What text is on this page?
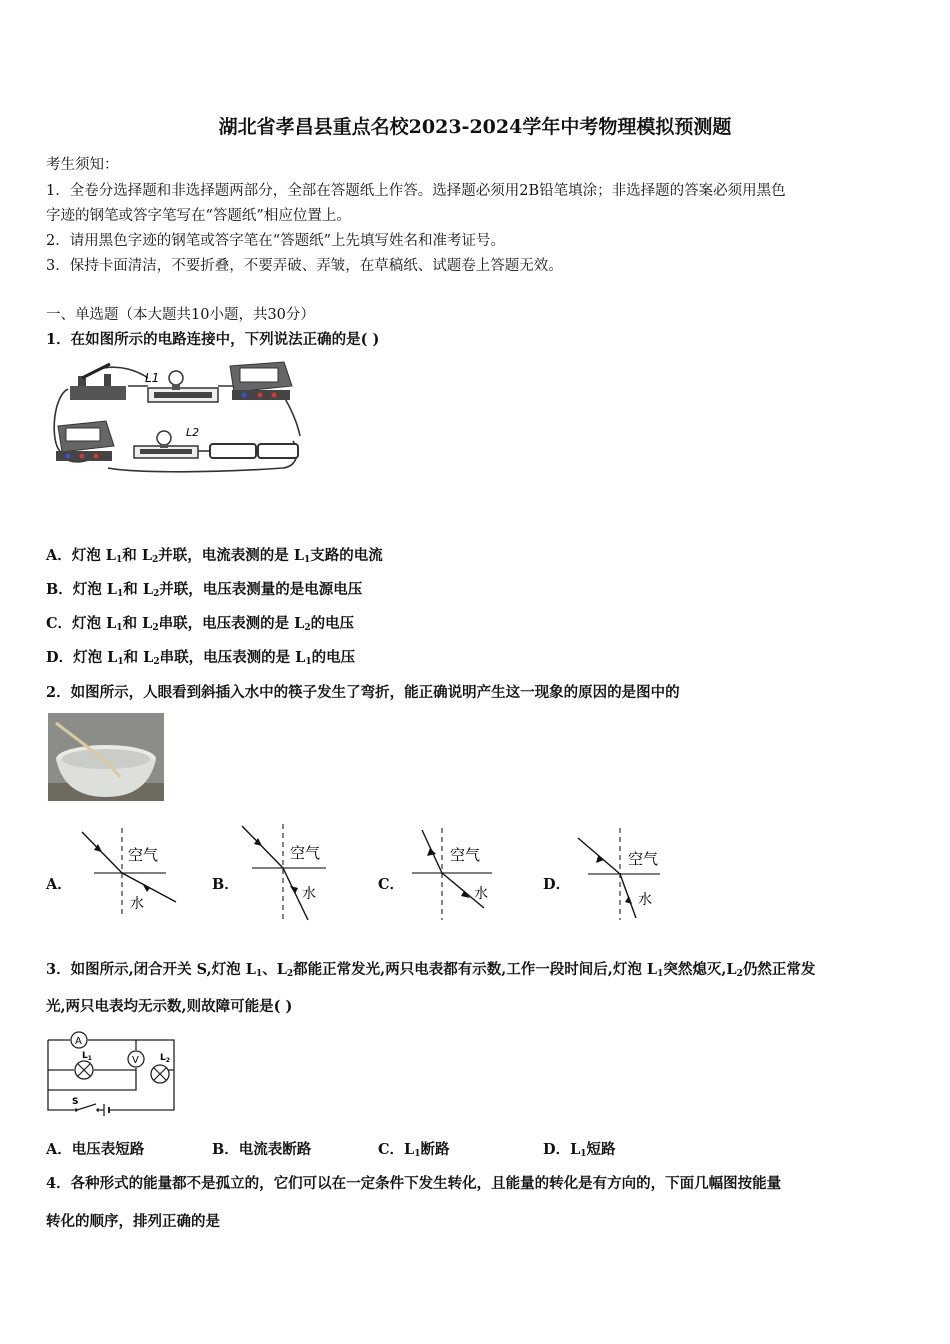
湖北省孝昌县重点名校2023-2024学年中考物理模拟预测题
考生须知：
1．全卷分选择题和非选择题两部分，全部在答题纸上作答。选择题必须用2B铅笔填涂；非选择题的答案必须用黑色
字迹的钢笔或答字笔写在“答题纸”相应位置上。
2．请用黑色字迹的钢笔或答字笔在“答题纸”上先填写姓名和准考证号。
3．保持卡面清洁，不要折叠，不要弄破、弄皱，在草稿纸、试题卷上答题无效。
一、单选题（本大题共10小题，共30分）
1．在如图所示的电路连接中，下列说法正确的是( )
L1
L2
A．灯泡 $L_1$和 $L_2$并联，电流表测的是 $L_1$支路的电流
B．灯泡 $L_1$和 $L_2$并联，电压表测量的是电源电压
C．灯泡 $L_1$和 $L_2$串联，电压表测的是 $L_2$的电压
D．灯泡 $L_1$和 $L_2$串联，电压表测的是 $L_1$的电压
2．如图所示，人眼看到斜插入水中的筷子发生了弯折，能正确说明产生这一现象的原因的是图中的
A．
空气
水
B．
空气
水
C．
空气
水
D．
空气
水
3．如图所示,闭合开关 S,灯泡 $L_1$、$L_2$都能正常发光,两只电表都有示数,工作一段时间后,灯泡 $L_1$突然熄灭$,L_2$仍然正常发
光,两只电表均无示数,则故障可能是( )
A
V
$L_1$	$L_2$
S
A．电压表短路	B．电流表断路	C．$L_1$断路	D．$L_1$短路
4．各种形式的能量都不是孤立的，它们可以在一定条件下发生转化，且能量的转化是有方向的，下面几幅图按能量
转化的顺序，排列正确的是
